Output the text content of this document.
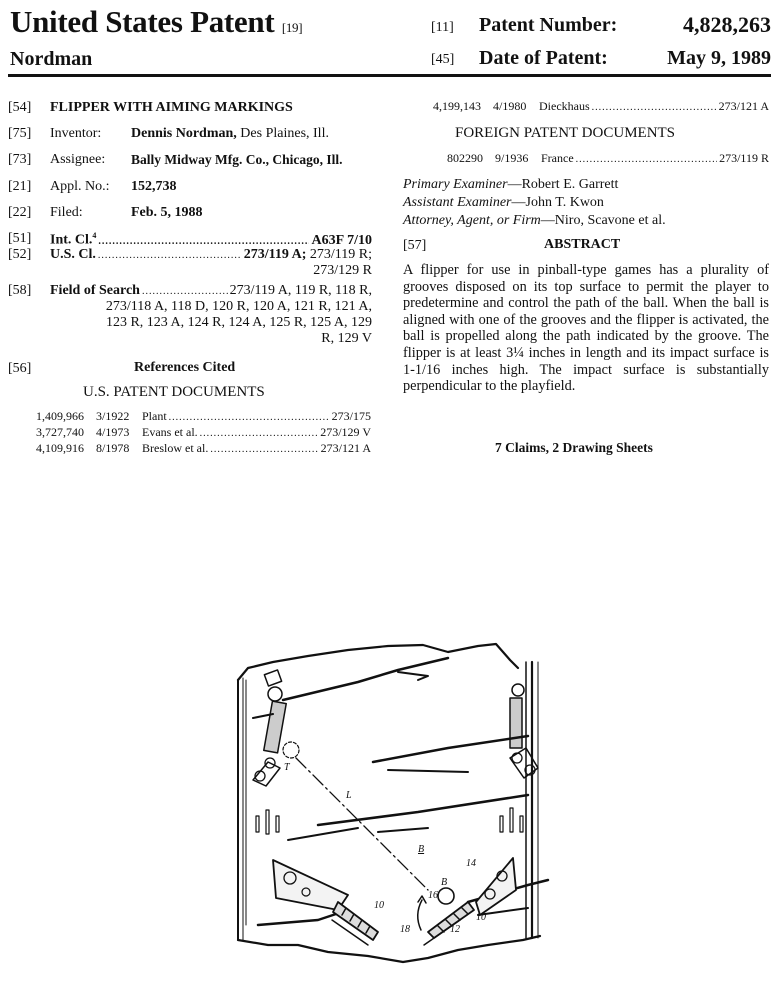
United States Patent [19]
Nordman
[11] Patent Number:	4,828,263
[45] Date of Patent:	May 9, 1989
[54] FLIPPER WITH AIMING MARKINGS
[75] Inventor: Dennis Nordman, Des Plaines, Ill.
[73] Assignee: Bally Midway Mfg. Co., Chicago, Ill.
[21] Appl. No.: 152,738
[22] Filed:	Feb. 5, 1988
[51] Int. Cl.$^4$ .....	A63F 7/10
[52] U.S. Cl. .....	273/119 A;
273/119 R;
273/129 R
[58] Field of Search .....	273/119 A, 119 R, 118 R,
273/118 A, 118 D, 120 R, 120 A, 121 R, 121 A,
123 R, 123 A, 124 R, 124 A, 125 R, 125 A, 129
R, 129 V
[56]	References Cited
U.S. PATENT DOCUMENTS
1,409,966	3/1922	Plant .....	273/175
3,727,740	4/1973	Evans et al. .....	273/129 V
4,109,916	8/1978	Breslow et al. .....	273/121 A
4,199,143	4/1980	Dieckhaus .....	273/121 A
FOREIGN PATENT DOCUMENTS
802290	9/1936	France .....	273/119 R
Primary Examiner—Robert E. Garrett
Assistant Examiner—John T. Kwon
Attorney, Agent, or Firm—Niro, Scavone et al.
[57]	ABSTRACT
A flipper for use in pinball-type games has a plurality of grooves disposed on its top surface to permit the player to predetermine and control the path of the ball. When the ball is aligned with one of the grooves and the flipper is activated, the ball is propelled along the path indicated by the groove. The flipper is at least 3¼ inches in length and its impact surface is 1-1/16 inches high. The impact surface is substantially perpendicular to the playfield.
7 Claims, 2 Drawing Sheets
T
L
B
B
10
10
12
14
16
18
